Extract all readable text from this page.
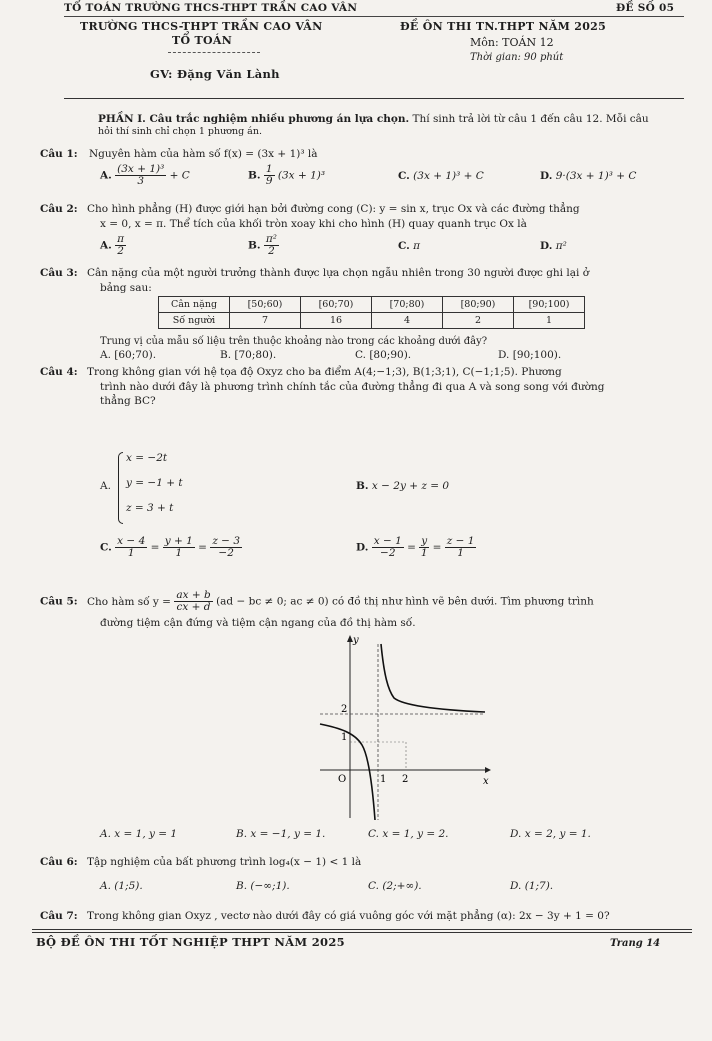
TỔ TOÁN TRƯỜNG THCS-THPT TRẦN CAO VÂN	ĐỀ SỐ 05
TRƯỜNG THCS-THPT TRẦN CAO VÂN	ĐỀ ÔN THI TN.THPT NĂM 2025
TỔ TOÁN	Môn: TOÁN 12
Thời gian: 90 phút
GV: Đặng Văn Lành
PHẦN I. Câu trắc nghiệm nhiều phương án lựa chọn. Thí sinh trả lời từ câu 1 đến câu 12. Mỗi câu
hỏi thí sinh chỉ chọn 1 phương án.
Câu 1: Nguyên hàm của hàm số f(x) = (3x + 1)³ là
A. $\frac{\text{(3x + 1)³}}{3} + C$	B. $\frac{1}{9} (3x + 1)^3$	C. (3x + 1)³ + C	D. 9·(3x + 1)³ + C
Câu 2: Cho hình phẳng (H) được giới hạn bởi đường cong (C): y = sin x, trục Ox và các đường thẳng
x = 0, x = π. Thể tích của khối tròn xoay khi cho hình (H) quay quanh trục Ox là
A. $\frac{\pi}{2}$	B. $\frac{\text{π²}}{2}$	C. π	D. π²
Câu 3: Cân nặng của một người trưởng thành được lựa chọn ngẫu nhiên trong 30 người được ghi lại ở
bảng sau:
Cân nặng	[50;60)	[60;70)	[70;80)	[80;90)	[90;100)
Số người	7	16	4	2	1
Trung vị của mẫu số liệu trên thuộc khoảng nào trong các khoảng dưới đây?
A. [60;70).	B. [70;80).	C. [80;90).	D. [90;100).
Câu 4: Trong không gian với hệ tọa độ Oxyz cho ba điểm A(4;−1;3), B(1;3;1), C(−1;1;5). Phương
trình nào dưới đây là phương trình chính tắc của đường thẳng đi qua A và song song với đường
thẳng BC?
A.
x = −2t
y = −1 + t
z = 3 + t
B. x − 2y + z = 0
C. $\frac{x - 4}{1} = \frac{y + 1}{1} = \frac{z - 3}{-2}$	D. $\frac{x - 1}{-2} = \frac{y}{1} = \frac{z - 1}{1}$
Câu 5: Cho hàm số $y = \frac{ax + b}{cx + d} (ad$ − bc ≠ 0; ac ≠ 0) có đồ thị như hình vẽ bên dưới. Tìm phương trình
đường tiệm cận đứng và tiệm cận ngang của đồ thị hàm số.
y
x
O
2
1
1 2
A. x = 1, y = 1	B. x = −1, y = 1.	C. x = 1, y = 2.	D. x = 2, y = 1.
Câu 6: Tập nghiệm của bất phương trình log₄(x − 1) < 1 là
A. (1;5).	B. (−∞;1).	C. (2;+∞).	D. (1;7).
Câu 7: Trong không gian Oxyz , vectơ nào dưới đây có giá vuông góc với mặt phẳng (α): 2x − 3y + 1 = 0?
BỘ ĐỀ ÔN THI TỐT NGHIỆP THPT NĂM 2025	Trang 14
